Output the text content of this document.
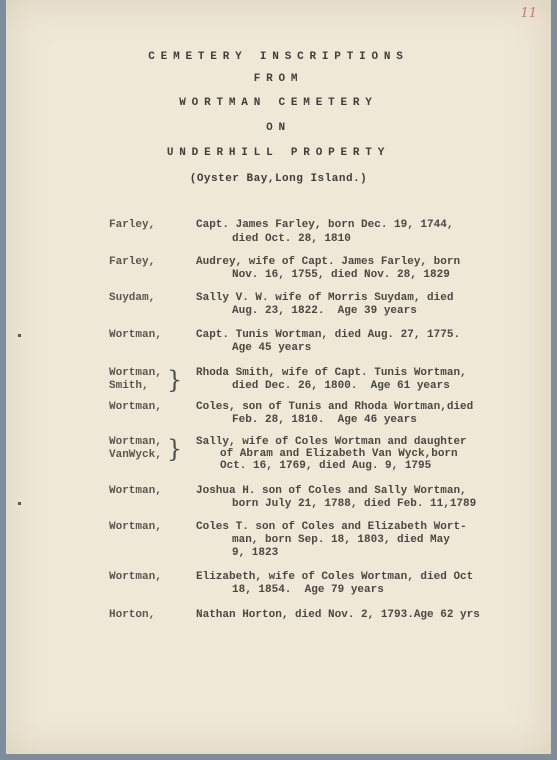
11
CEMETERY INSCRIPTIONS
FROM
WORTMAN CEMETERY
ON
UNDERHILL PROPERTY
(Oyster Bay,Long Island.)
Farley,	Capt. James Farley, born Dec. 19, 1744,
died Oct. 28, 1810
Farley,	Audrey, wife of Capt. James Farley, born
Nov. 16, 1755, died Nov. 28, 1829
Suydam,	Sally V. W. wife of Morris Suydam, died
Aug. 23, 1822.  Age 39 years
Wortman,	Capt. Tunis Wortman, died Aug. 27, 1775.
Age 45 years
Wortman,
Smith, } Rhoda Smith, wife of Capt. Tunis Wortman,
died Dec. 26, 1800.  Age 61 years
Wortman,	Coles, son of Tunis and Rhoda Wortman,died
Feb. 28, 1810.  Age 46 years
Wortman,
VanWyck, } Sally, wife of Coles Wortman and daughter
of Abram and Elizabeth Van Wyck,born
Oct. 16, 1769, died Aug. 9, 1795
Wortman,	Joshua H. son of Coles and Sally Wortman,
born July 21, 1788, died Feb. 11,1789
Wortman,	Coles T. son of Coles and Elizabeth Wort-
man, born Sep. 18, 1803, died May
9, 1823
Wortman,	Elizabeth, wife of Coles Wortman, died Oct
18, 1854.  Age 79 years
Horton,	Nathan Horton, died Nov. 2, 1793.Age 62 yrs
